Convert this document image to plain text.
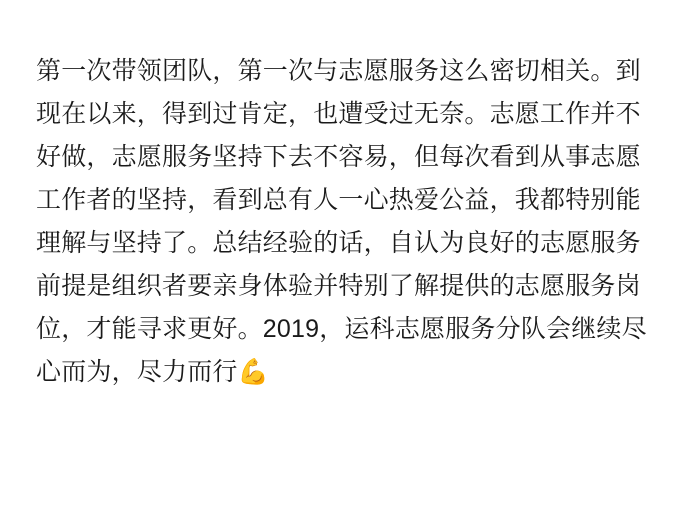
第一次带领团队，第一次与志愿服务这么密切相关。到现在以来，得到过肯定，也遭受过无奈。志愿工作并不好做，志愿服务坚持下去不容易，但每次看到从事志愿工作者的坚持，看到总有人一心热爱公益，我都特别能理解与坚持了。总结经验的话，自认为良好的志愿服务前提是组织者要亲身体验并特别了解提供的志愿服务岗位，才能寻求更好。2019，运科志愿服务分队会继续尽心而为，尽力而行💪
